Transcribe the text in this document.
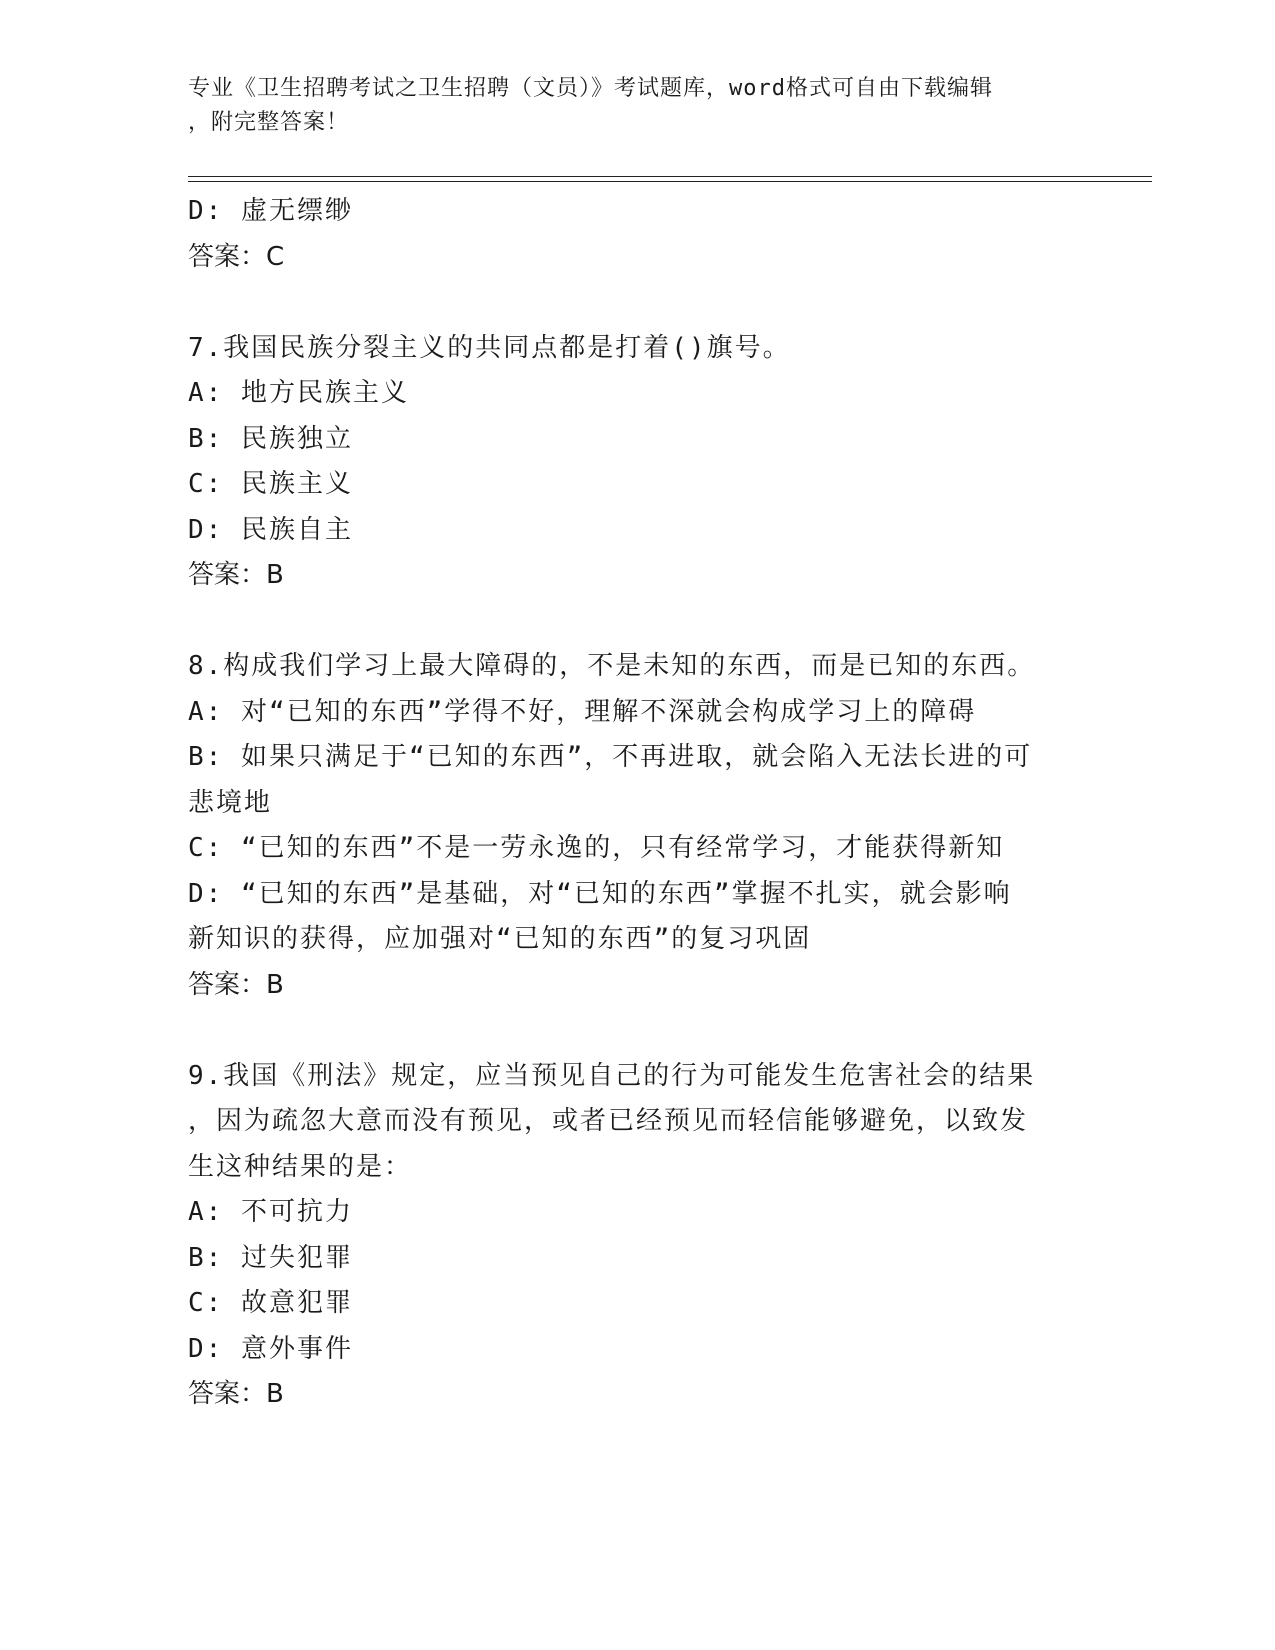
专业《卫生招聘考试之卫生招聘（文员）》考试题库，word格式可自由下载编辑
，附完整答案！
D: 虚无缥缈
答案：C
7.我国民族分裂主义的共同点都是打着()旗号。
A: 地方民族主义
B: 民族独立
C: 民族主义
D: 民族自主
答案：B
8.构成我们学习上最大障碍的，不是未知的东西，而是已知的东西。
A: 对“已知的东西”学得不好，理解不深就会构成学习上的障碍
B: 如果只满足于“已知的东西”，不再进取，就会陷入无法长进的可
悲境地
C: “已知的东西”不是一劳永逸的，只有经常学习，才能获得新知
D: “已知的东西”是基础，对“已知的东西”掌握不扎实，就会影响
新知识的获得，应加强对“已知的东西”的复习巩固
答案：B
9.我国《刑法》规定，应当预见自己的行为可能发生危害社会的结果
，因为疏忽大意而没有预见，或者已经预见而轻信能够避免，以致发
生这种结果的是：
A: 不可抗力
B: 过失犯罪
C: 故意犯罪
D: 意外事件
答案：B
